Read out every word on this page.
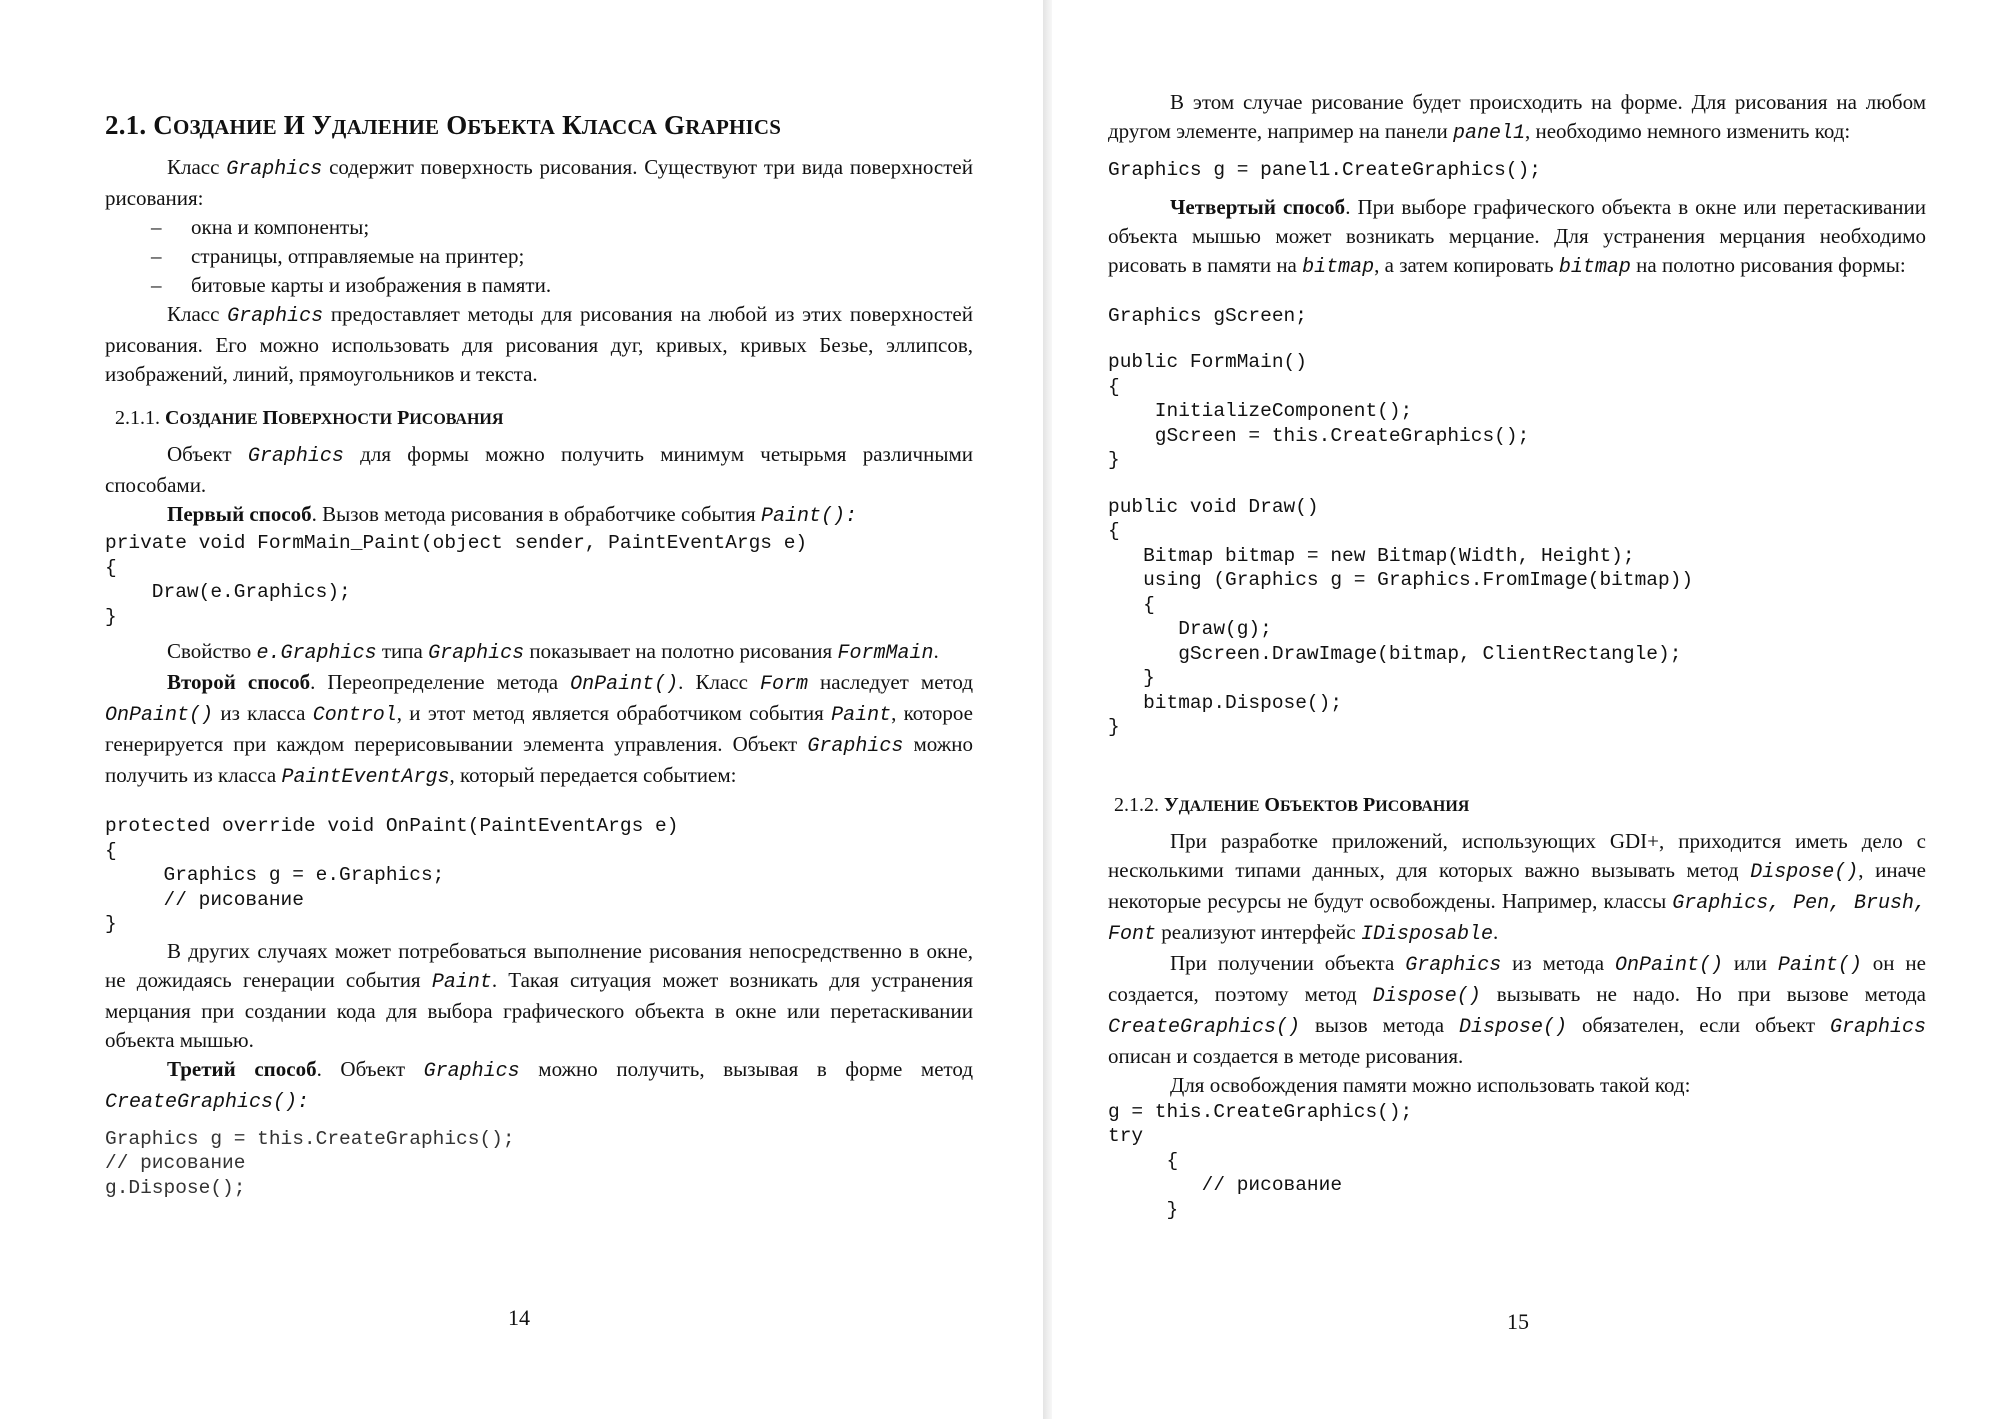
2.1. СОЗДАНИЕ И УДАЛЕНИЕ ОБЪЕКТА КЛАССА GRAPHICS

Класс Graphics содержит поверхность рисования. Существуют три вида поверхностей рисования:

– окна и компоненты;
– страницы, отправляемые на принтер;
– битовые карты и изображения в памяти.

Класс Graphics предоставляет методы для рисования на любой из этих поверхностей рисования. Его можно использовать для рисования дуг, кривых, кривых Безье, эллипсов, изображений, линий, прямоугольников и текста.

2.1.1. СОЗДАНИЕ ПОВЕРХНОСТИ РИСОВАНИЯ

Объект Graphics для формы можно получить минимум четырьмя различными способами.

Первый способ. Вызов метода рисования в обработчике события Paint():

private void FormMain_Paint(object sender, PaintEventArgs e)
{
Draw(e.Graphics);
}

Свойство e.Graphics типа Graphics показывает на полотно рисования FormMain.

Второй способ. Переопределение метода OnPaint(). Класс Form наследует метод OnPaint() из класса Control, и этот метод является обработчиком события Paint, которое генерируется при каждом перерисовывании элемента управления. Объект Graphics можно получить из класса PaintEventArgs, который передается событием:

protected override void OnPaint(PaintEventArgs e)
{
Graphics g = e.Graphics;
// рисование
}

В других случаях может потребоваться выполнение рисования непосредственно в окне, не дожидаясь генерации события Paint. Такая ситуация может возникать для устранения мерцания при создании кода для выбора графического объекта в окне или перетаскивании объекта мышью.

Третий способ. Объект Graphics можно получить, вызывая в форме метод CreateGraphics():

Graphics g = this.CreateGraphics();
// рисование
g.Dispose();
14

В этом случае рисование будет происходить на форме. Для рисования на любом другом элементе, например на панели panel1, необходимо немного изменить код:

Graphics g = panel1.CreateGraphics();

Четвертый способ. При выборе графического объекта в окне или перетаскивании объекта мышью может возникать мерцание. Для устранения мерцания необходимо рисовать в памяти на bitmap, а затем копировать bitmap на полотно рисования формы:

Graphics gScreen;
public FormMain()
{
InitializeComponent();
gScreen = this.CreateGraphics();
}
public void Draw()
{
Bitmap bitmap = new Bitmap(Width, Height);
using (Graphics g = Graphics.FromImage(bitmap))
{
Draw(g);
gScreen.DrawImage(bitmap, ClientRectangle);
}
bitmap.Dispose();
}
2.1.2. УДАЛЕНИЕ ОБЪЕКТОВ РИСОВАНИЯ

При разработке приложений, использующих GDI+, приходится иметь дело с несколькими типами данных, для которых важно вызывать метод Dispose(), иначе некоторые ресурсы не будут освобождены. Например, классы Graphics, Pen, Brush, Font реализуют интерфейс IDisposable.

При получении объекта Graphics из метода OnPaint() или Paint() он не создается, поэтому метод Dispose() вызывать не надо. Но при вызове метода CreateGraphics() вызов метода Dispose() обязателен, если объект Graphics описан и создается в методе рисования.

Для освобождения памяти можно использовать такой код:

g = this.CreateGraphics();
try
{
// рисование
}
15
